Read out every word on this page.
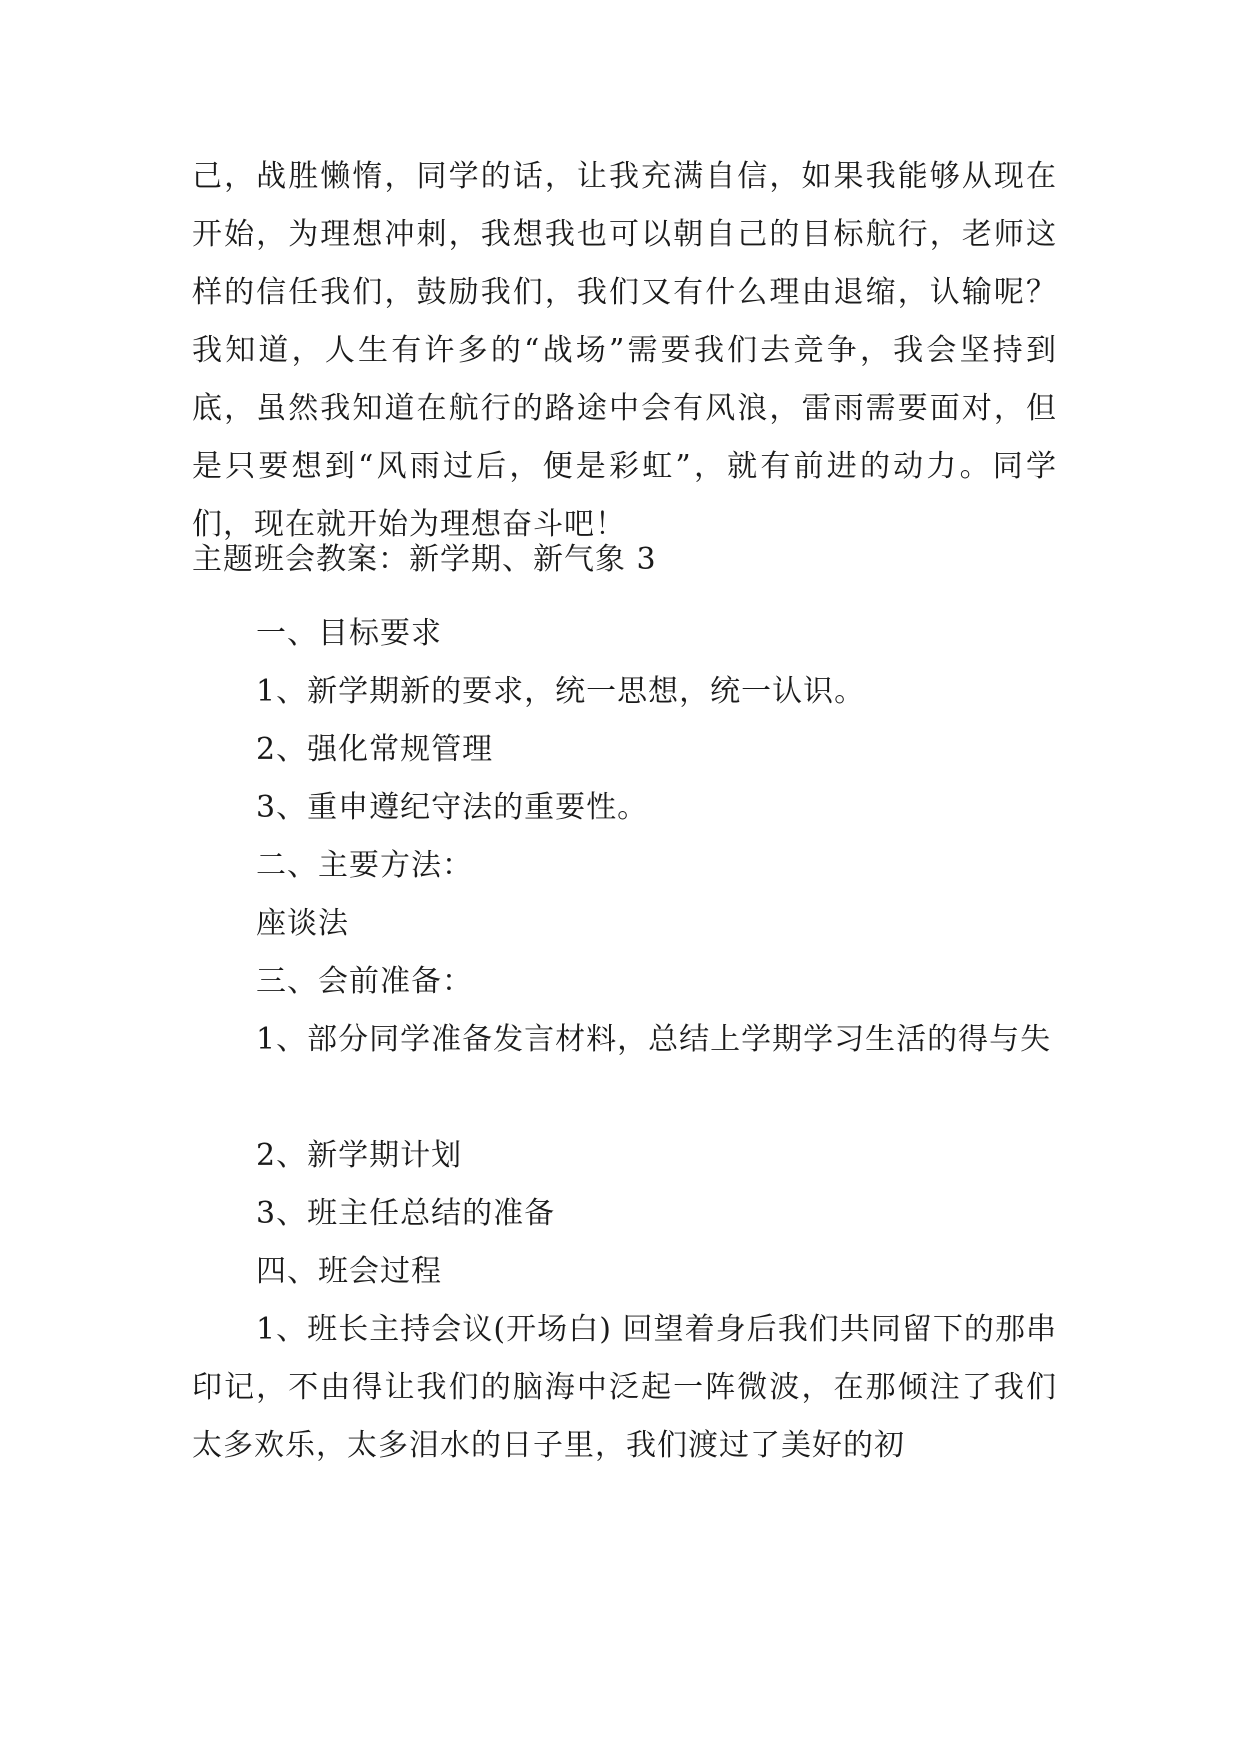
己，战胜懒惰，同学的话，让我充满自信，如果我能够从现在开始，为理想冲刺，我想我也可以朝自己的目标航行，老师这样的信任我们，鼓励我们，我们又有什么理由退缩，认输呢？我知道，人生有许多的“战场”需要我们去竞争，我会坚持到底，虽然我知道在航行的路途中会有风浪，雷雨需要面对，但是只要想到“风雨过后，便是彩虹”，就有前进的动力。同学们，现在就开始为理想奋斗吧！

主题班会教案：新学期、新气象 3

一、目标要求

1、新学期新的要求，统一思想，统一认识。

2、强化常规管理

3、重申遵纪守法的重要性。

二、主要方法：

座谈法

三、会前准备：

1、部分同学准备发言材料，总结上学期学习生活的得与失

2、新学期计划

3、班主任总结的准备

四、班会过程

1、班长主持会议(开场白) 回望着身后我们共同留下的那串印记，不由得让我们的脑海中泛起一阵微波，在那倾注了我们太多欢乐，太多泪水的日子里，我们渡过了美好的初
